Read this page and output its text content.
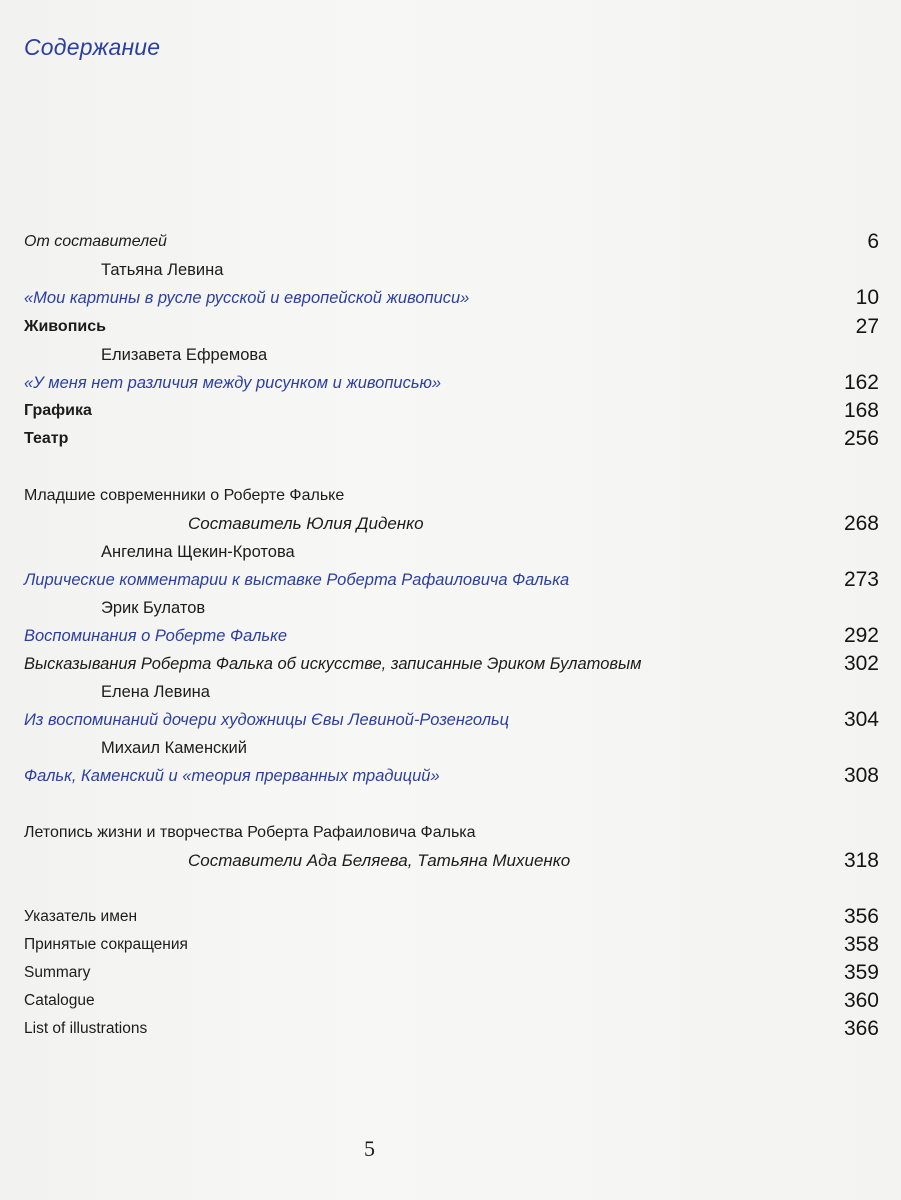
Содержание
От составителей	6
Татьяна Левина
«Мои картины в русле русской и европейской живописи»	10
Живопись	27
Елизавета Ефремова
«У меня нет различия между рисунком и живописью»	162
Графика	168
Театр	256
Младшие современники о Роберте Фальке
Составитель Юлия Диденко	268
Ангелина Щекин-Кротова
Лирические комментарии к выставке Роберта Рафаиловича Фалька	273
Эрик Булатов
Воспоминания о Роберте Фальке	292
Высказывания Роберта Фалька об искусстве, записанные Эриком Булатовым	302
Елена Левина
Из воспоминаний дочери художницы Євы Левиной-Розенгольц	304
Михаил Каменский
Фальк, Каменский и «теория прерванных традиций»	308
Летопись жизни и творчества Роберта Рафаиловича Фалька
Составители Ада Беляева, Татьяна Михиенко	318
Указатель имен	356
Принятые сокращения	358
Summary	359
Catalogue	360
List of illustrations	366
5
